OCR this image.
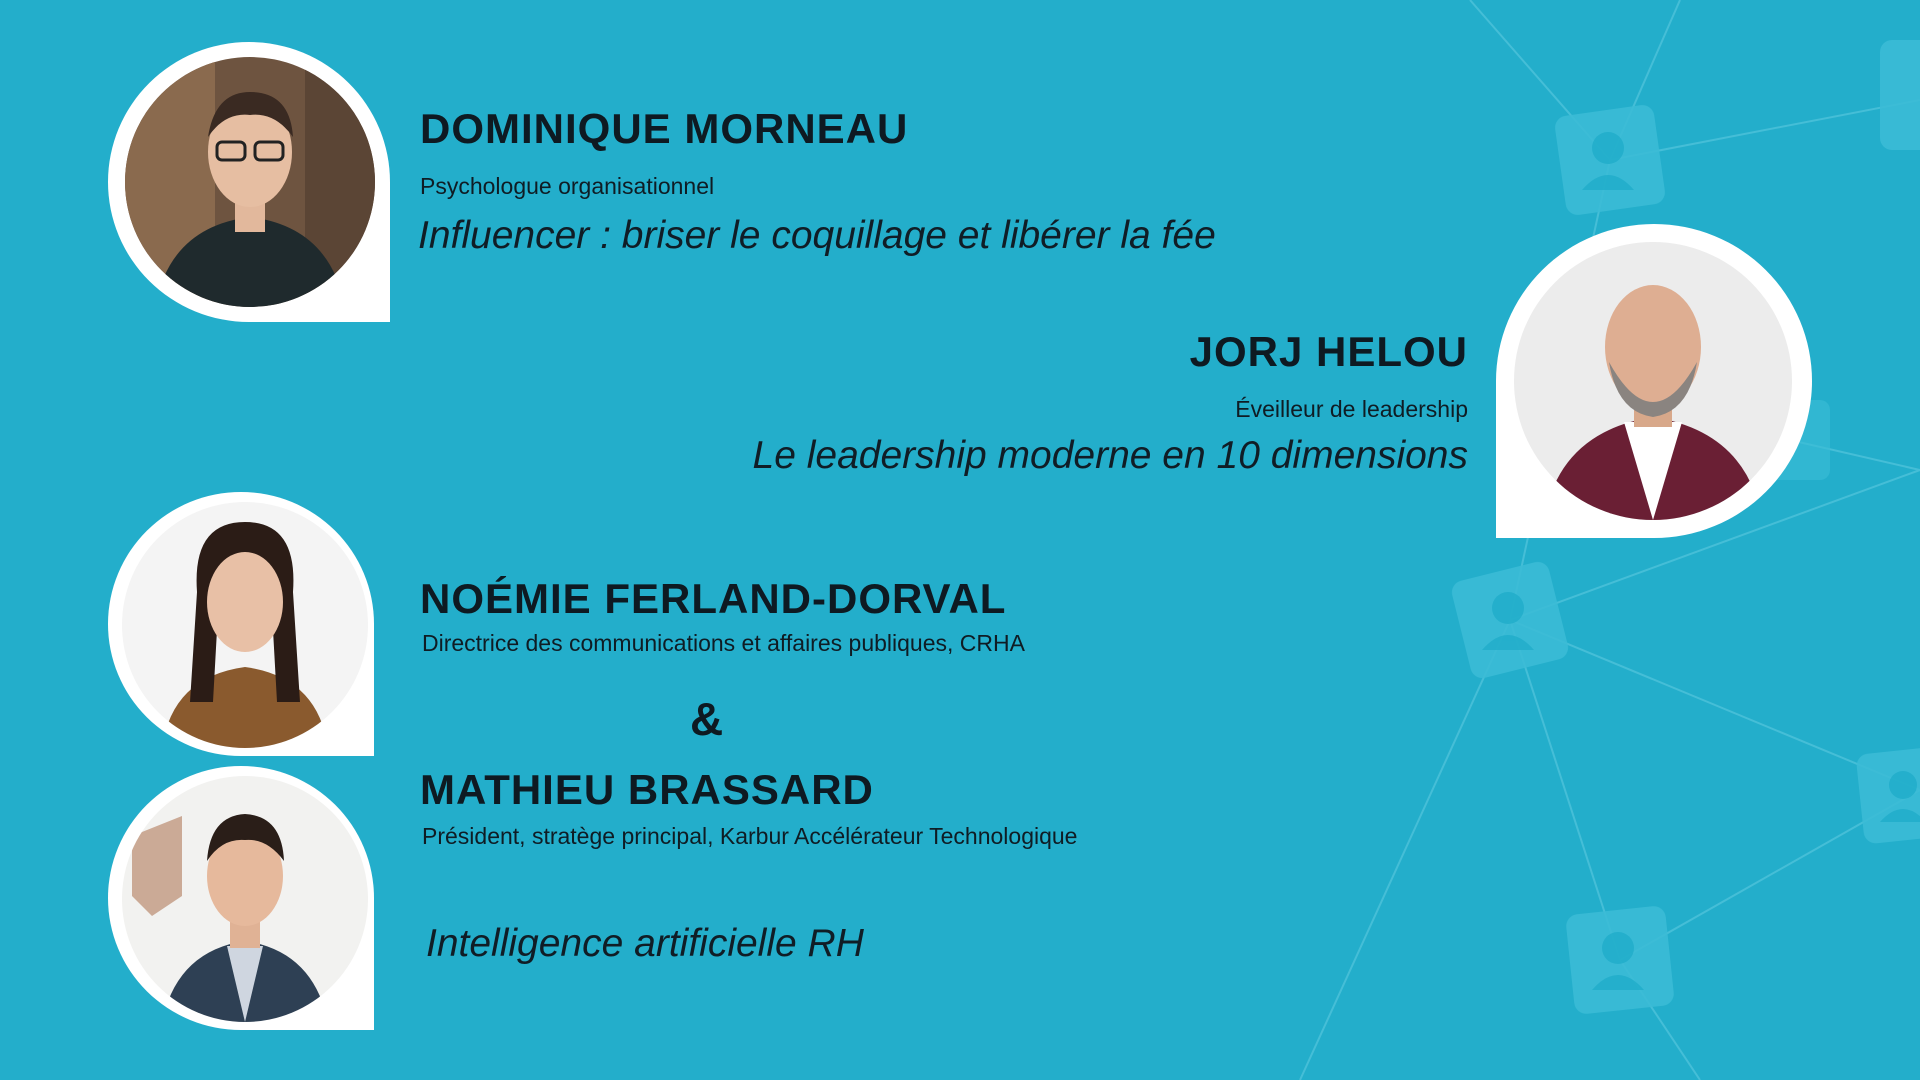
DOMINIQUE MORNEAU

Psychologue organisationnel

Influencer : briser le coquillage et libérer la fée

JORJ HELOU

Éveilleur de leadership

Le leadership moderne en 10 dimensions

NOÉMIE FERLAND-DORVAL

Directrice des communications et affaires publiques, CRHA

&

MATHIEU BRASSARD

Président, stratège principal, Karbur Accélérateur Technologique

Intelligence artificielle RH
